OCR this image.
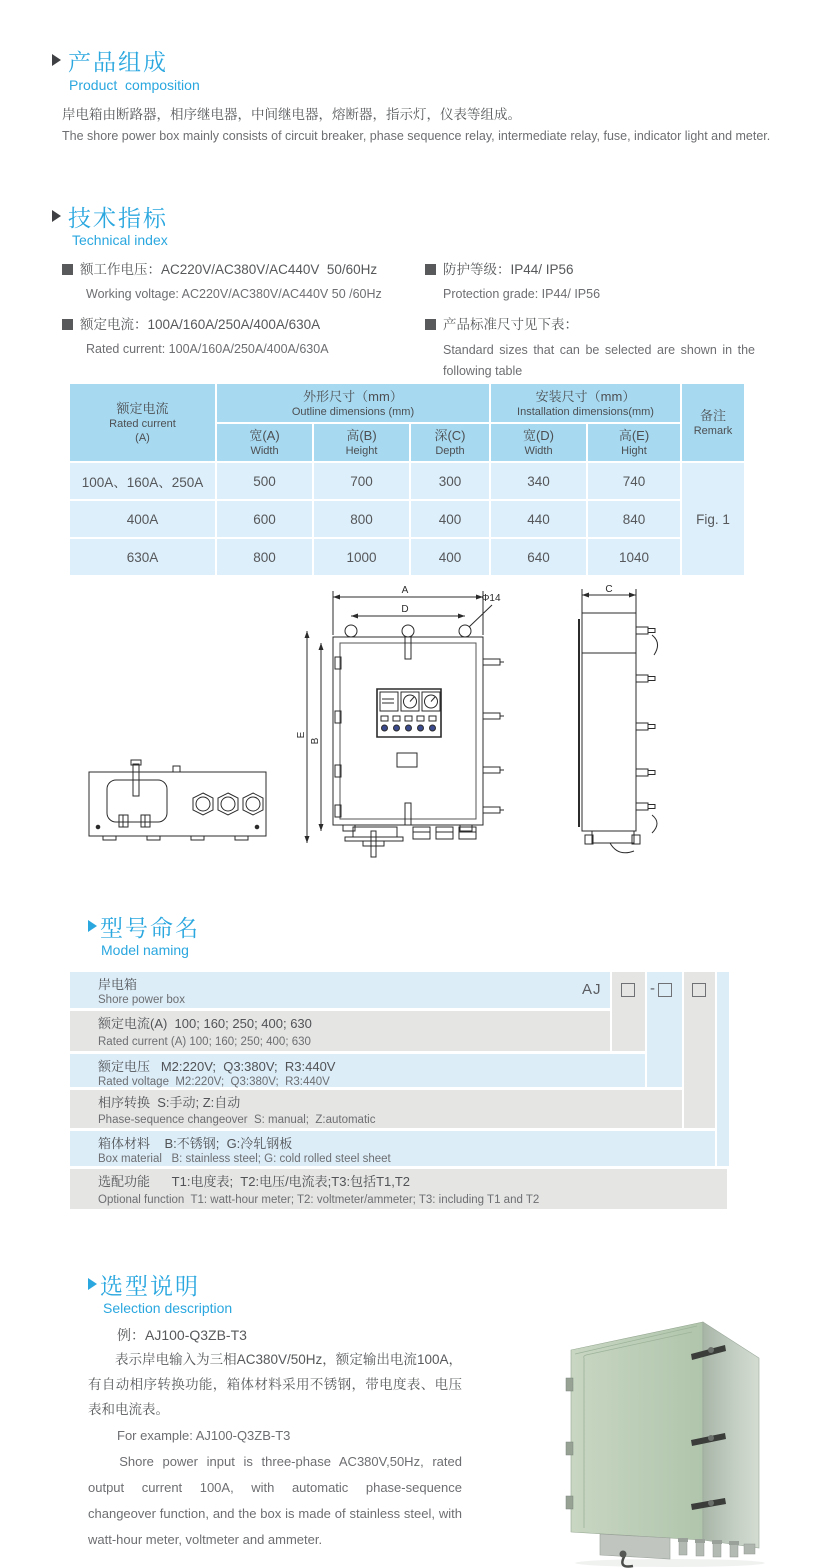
产品组成
Product  composition
岸电箱由断路器，相序继电器，中间继电器，熔断器，指示灯，仪表等组成。
The shore power box mainly consists of circuit breaker, phase sequence relay, intermediate relay, fuse, indicator light and meter.
技术指标
Technical index
额工作电压：AC220V/AC380V/AC440V  50/60Hz
Working voltage: AC220V/AC380V/AC440V 50 /60Hz
额定电流：100A/160A/250A/400A/630A
Rated current: 100A/160A/250A/400A/630A
防护等级：IP44/ IP56
Protection grade: IP44/ IP56
产品标准尺寸见下表：
Standard sizes that can be selected are shown in the following table
额定电流
Rated current
(A)

外形尺寸（mm）
Outline dimensions (mm)

安装尺寸（mm）
Installation dimensions(mm)	备注
Remark

宽(A)
Width

高(B)
Height

深(C)
Depth

宽(D)
Width

高(E)
Hight

100A、160A、250A	500	700	300	340	740	Fig. 1
400A	600	800	400	440	840	
630A	800	1000	400	640	1040	
A
D
Φ14
E
B
C
型号命名
Model naming
岸电箱
Shore power box
额定电流(A)  100; 160; 250; 400; 630
Rated current (A) 100; 160; 250; 400; 630
额定电压   M2:220V;  Q3:380V;  R3:440V
Rated voltage  M2:220V;  Q3:380V;  R3:440V
相序转换  S:手动; Z:自动
Phase-sequence changeover  S: manual;  Z:automatic
箱体材料    B:不锈钢;  G:冷轧钢板
Box material   B: stainless steel; G: cold rolled steel sheet
选配功能      T1:电度表;  T2:电压/电流表;T3:包括T1,T2
Optional function  T1: watt-hour meter; T2: voltmeter/ammeter; T3: including T1 and T2
AJ	-
选型说明
Selection description
例：AJ100-Q3ZB-T3
表示岸电输入为三相AC380V/50Hz，额定输出电流100A，有自动相序转换功能，箱体材料采用不锈钢，带电度表、电压表和电流表。
For example: AJ100-Q3ZB-T3
Shore power input is three-phase AC380V,50Hz, rated output current 100A, with automatic phase-sequence changeover function, and the box is made of stainless steel, with watt-hour meter, voltmeter and ammeter.
